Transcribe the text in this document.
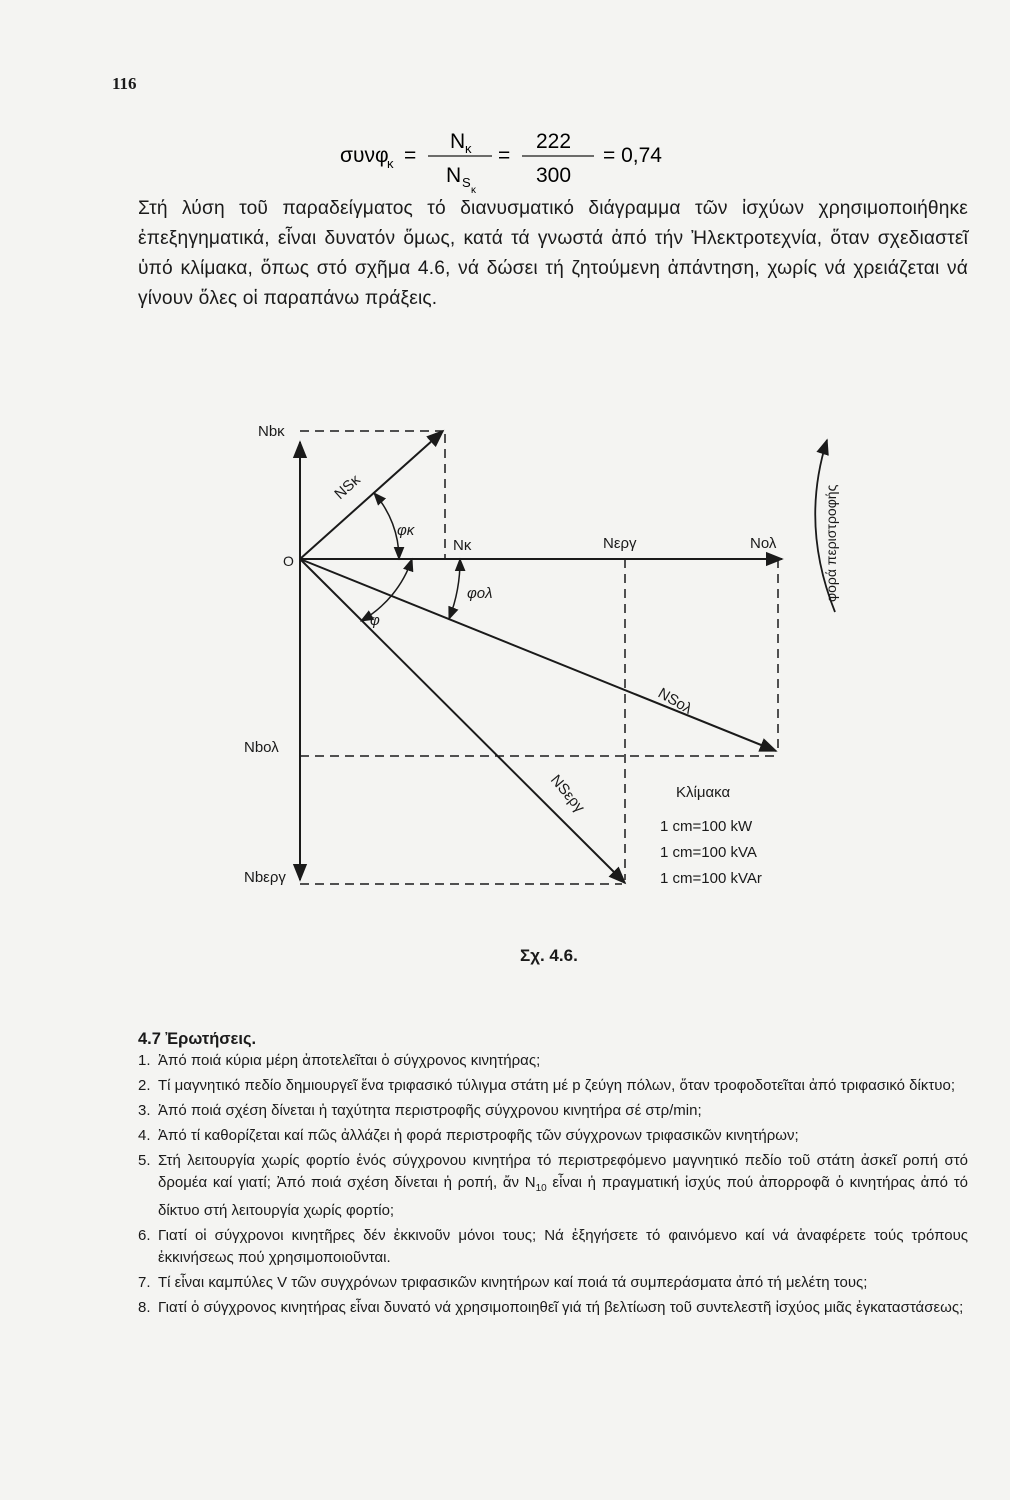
116
συνφ
κ =
N κ
N S
κ
=
222
300
= 0,74
Στή λύση τοῦ παραδείγματος τό διανυσματικό διάγραμμα τῶν ἰσχύων χρησιμοποιήθηκε ἐπεξηγηματικά, εἶναι δυνατόν ὅμως, κατά τά γνωστά ἀπό τήν Ἠλεκτροτεχνία, ὅταν σχεδιαστεῖ ὑπό κλίμακα, ὅπως στό σχῆμα 4.6, νά δώσει τή ζητούμενη ἀπάντηση, χωρίς νά χρειάζεται νά γίνουν ὅλες οἱ παραπάνω πράξεις.
O
Nbκ
NSκ
φκ
Nκ	Nεργ	Nολ
φολ
φ
NSολ
Nbολ
NSεργ
Nbεργ
φορά περιστροφής
Κλίμακα
1 cm=100 kW
1 cm=100 kVA
1 cm=100 kVAr
Σχ. 4.6.
4.7 Ἐρωτήσεις.
1. Ἀπό ποιά κύρια μέρη ἀποτελεῖται ὁ σύγχρονος κινητήρας;
2. Τί μαγνητικό πεδίο δημιουργεῖ ἕνα τριφασικό τύλιγμα στάτη μέ p ζεύγη πόλων, ὅταν τροφοδοτεῖται ἀπό τριφασικό δίκτυο;
3. Ἀπό ποιά σχέση δίνεται ἡ ταχύτητα περιστροφῆς σύγχρονου κινητήρα σέ στρ/min;
4. Ἀπό τί καθορίζεται καί πῶς ἀλλάζει ἡ φορά περιστροφῆς τῶν σύγχρονων τριφασικῶν κινητήρων;
5. Στή λειτουργία χωρίς φορτίο ἑνός σύγχρονου κινητήρα τό περιστρεφόμενο μαγνητικό πεδίο τοῦ στάτη ἀσκεῖ ροπή στό δρομέα καί γιατί; Ἀπό ποιά σχέση δίνεται ἡ ροπή, ἄν $N_{10}$ εἶναι ἡ πραγματική ἰσχύς πού ἀπορροφᾶ ὁ κινητήρας ἀπό τό δίκτυο στή λειτουργία χωρίς φορτίο;
6. Γιατί οἱ σύγχρονοι κινητῆρες δέν ἐκκινοῦν μόνοι τους; Νά ἐξηγήσετε τό φαινόμενο καί νά ἀναφέρετε τούς τρόπους ἐκκινήσεως πού χρησιμοποιοῦνται.
7. Τί εἶναι καμπύλες V τῶν συγχρόνων τριφασικῶν κινητήρων καί ποιά τά συμπεράσματα ἀπό τή μελέτη τους;
8. Γιατί ὁ σύγχρονος κινητήρας εἶναι δυνατό νά χρησιμοποιηθεῖ γιά τή βελτίωση τοῦ συντελεστῆ ἰσχύος μιᾶς ἐγκαταστάσεως;
